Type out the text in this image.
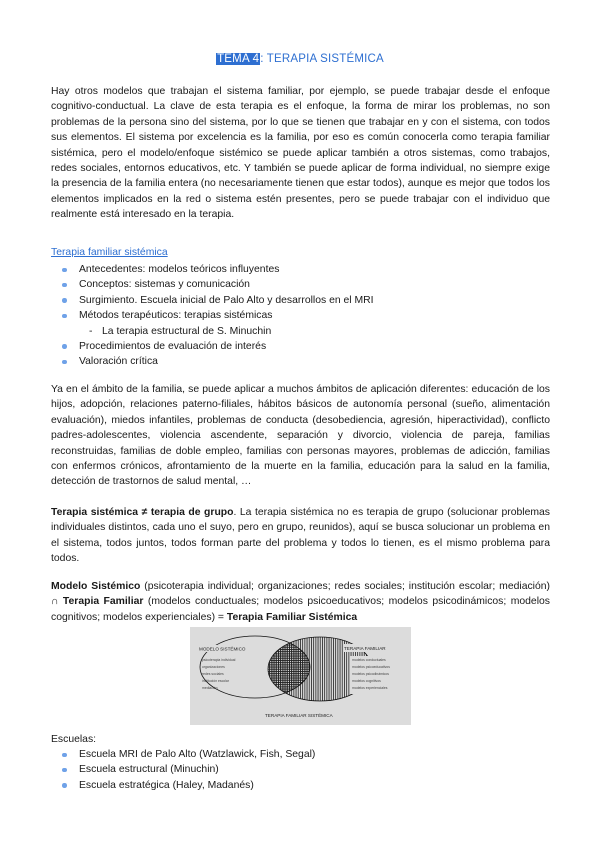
TEMA 4: TERAPIA SISTÉMICA
Hay otros modelos que trabajan el sistema familiar, por ejemplo, se puede trabajar desde el enfoque cognitivo-conductual. La clave de esta terapia es el enfoque, la forma de mirar los problemas, no son problemas de la persona sino del sistema, por lo que se tienen que trabajar en y con el sistema, con todos sus elementos. El sistema por excelencia es la familia, por eso es común conocerla como terapia familiar sistémica, pero el modelo/enfoque sistémico se puede aplicar también a otros sistemas, como trabajos, redes sociales, entornos educativos, etc. Y también se puede aplicar de forma individual, no siempre exige la presencia de la familia entera (no necesariamente tienen que estar todos), aunque es mejor que todos los elementos implicados en la red o sistema estén presentes, pero se puede trabajar con el individuo que realmente está interesado en la terapia.
Terapia familiar sistémica
Antecedentes: modelos teóricos influyentes
Conceptos: sistemas y comunicación
Surgimiento. Escuela inicial de Palo Alto y desarrollos en el MRI
Métodos terapéuticos: terapias sistémicas
- La terapia estructural de S. Minuchin
Procedimientos de evaluación de interés
Valoración crítica
Ya en el ámbito de la familia, se puede aplicar a muchos ámbitos de aplicación diferentes: educación de los hijos, adopción, relaciones paterno-filiales, hábitos básicos de autonomía personal (sueño, alimentación evaluación), miedos infantiles, problemas de conducta (desobediencia, agresión, hiperactividad), conflicto padres-adolescentes, violencia ascendente, separación y divorcio, violencia de pareja, familias reconstruidas, familias de doble empleo, familias con personas mayores, problemas de adicción, familias con enfermos crónicos, afrontamiento de la muerte en la familia, educación para la salud en la familia, detección de trastornos de salud mental, …
Terapia sistémica ≠ terapia de grupo. La terapia sistémica no es terapia de grupo (solucionar problemas individuales distintos, cada uno el suyo, pero en grupo, reunidos), aquí se busca solucionar un problema en el sistema, todos juntos, todos forman parte del problema y todos lo tienen, es el mismo problema para todos.
Modelo Sistémico (psicoterapia individual; organizaciones; redes sociales; institución escolar; mediación) ∩ Terapia Familiar (modelos conductuales; modelos psicoeducativos; modelos psicodinámicos; modelos cognitivos; modelos experienciales) = Terapia Familiar Sistémica
MODELO SISTÉMICO	TERAPIA FAMILIAR
psicoterapia individual
organizaciones
redes sociales
institución escolar
mediación
modelos conductuales
modelos psicoeducativos
modelos psicodinámicos
modelos cognitivos
modelos experienciales
TERAPIA FAMILIAR SISTÉMICA
Escuelas:
Escuela MRI de Palo Alto (Watzlawick, Fish, Segal)
Escuela estructural (Minuchin)
Escuela estratégica (Haley, Madanés)
